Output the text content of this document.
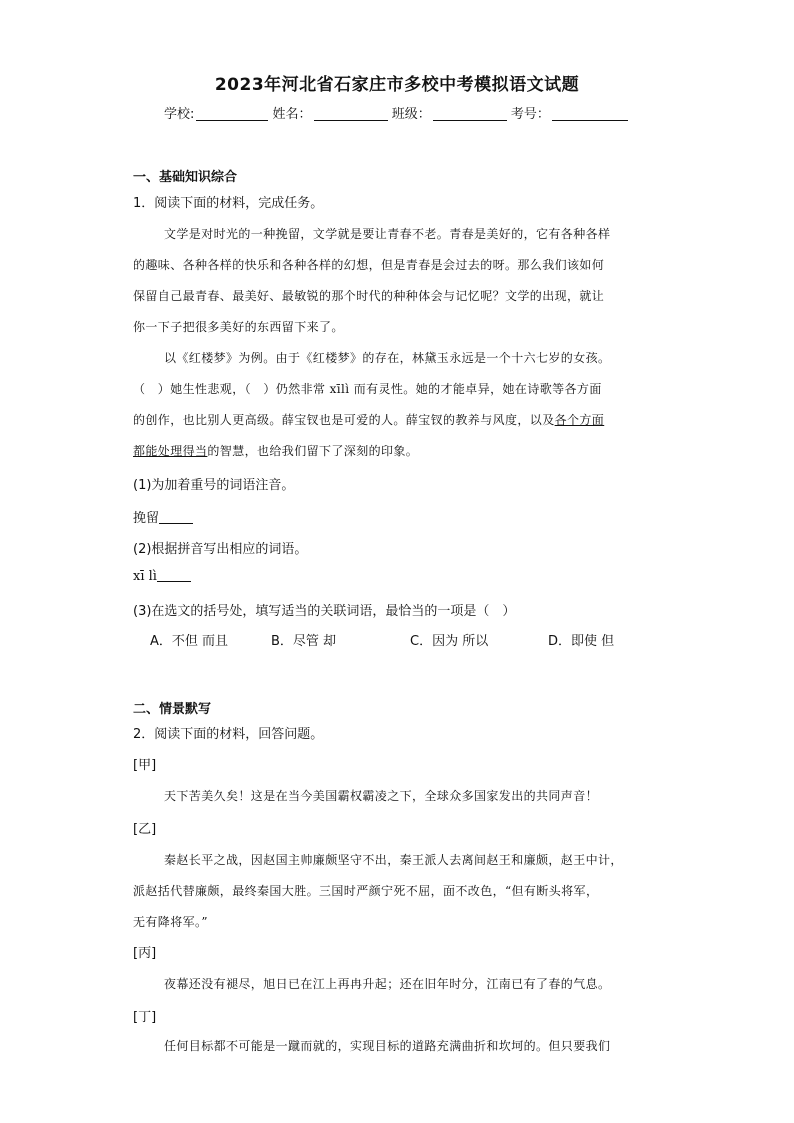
2023年河北省石家庄市多校中考模拟语文试题
学校:	姓名：	班级：	考号：
一、基础知识综合
1．阅读下面的材料，完成任务。
文学是对时光的一种挽留，文学就是要让青春不老。青春是美好的，它有各种各样
的趣味、各种各样的快乐和各种各样的幻想，但是青春是会过去的呀。那么我们该如何
保留自己最青春、最美好、最敏锐的那个时代的种种体会与记忆呢？文学的出现，就让
你一下子把很多美好的东西留下来了。
以《红楼梦》为例。由于《红楼梦》的存在，林黛玉永远是一个十六七岁的女孩。
（　）她生性悲观，（　）仍然非常 xīlì 而有灵性。她的才能卓异，她在诗歌等各方面
的创作，也比别人更高级。薛宝钗也是可爱的人。薛宝钗的教养与风度，以及各个方面
都能处理得当的智慧，也给我们留下了深刻的印象。
(1)为加着重号的词语注音。
挽留
(2)根据拼音写出相应的词语。
xī lì
(3)在选文的括号处，填写适当的关联词语，最恰当的一项是（　）
A．不但 而且	B．尽管 却	C．因为 所以	D．即使 但
二、情景默写
2．阅读下面的材料，回答问题。
[甲]
天下苦美久矣！这是在当今美国霸权霸凌之下，全球众多国家发出的共同声音！
[乙]
秦赵长平之战，因赵国主帅廉颇坚守不出，秦王派人去离间赵王和廉颇，赵王中计，
派赵括代替廉颇，最终秦国大胜。三国时严颜宁死不屈，面不改色，“但有断头将军，
无有降将军。”
[丙]
夜幕还没有褪尽，旭日已在江上再冉升起；还在旧年时分，江南已有了春的气息。
[丁]
任何目标都不可能是一蹴而就的，实现目标的道路充满曲折和坎坷的。但只要我们
